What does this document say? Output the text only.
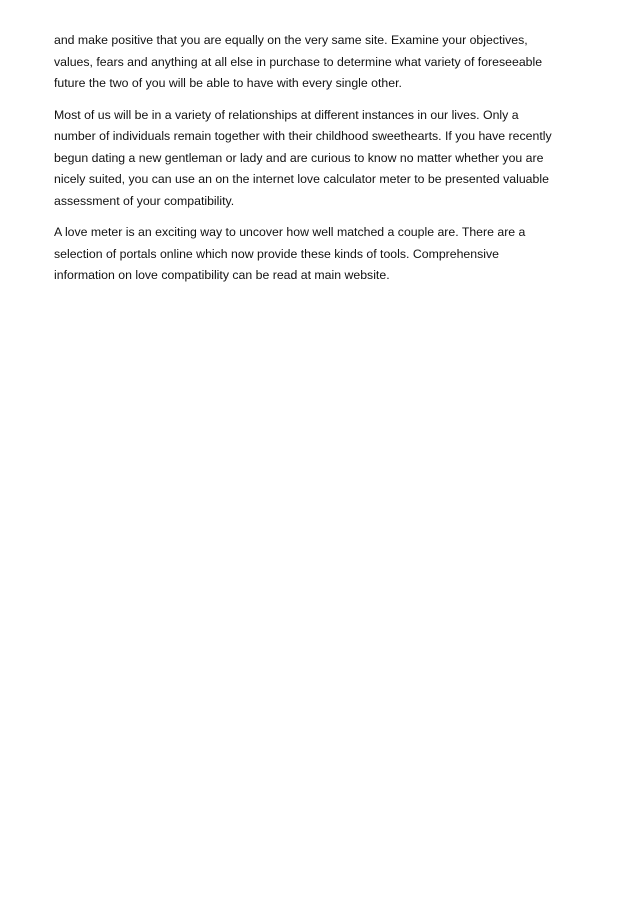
and make positive that you are equally on the very same site. Examine your objectives,
values, fears and anything at all else in purchase to determine what variety of foreseeable
future the two of you will be able to have with every single other.

Most of us will be in a variety of relationships at different instances in our lives. Only a
number of individuals remain together with their childhood sweethearts. If you have recently
begun dating a new gentleman or lady and are curious to know no matter whether you are
nicely suited, you can use an on the internet love calculator meter to be presented valuable
assessment of your compatibility.

A love meter is an exciting way to uncover how well matched a couple are. There are a
selection of portals online which now provide these kinds of tools. Comprehensive
information on love compatibility can be read at main website.
